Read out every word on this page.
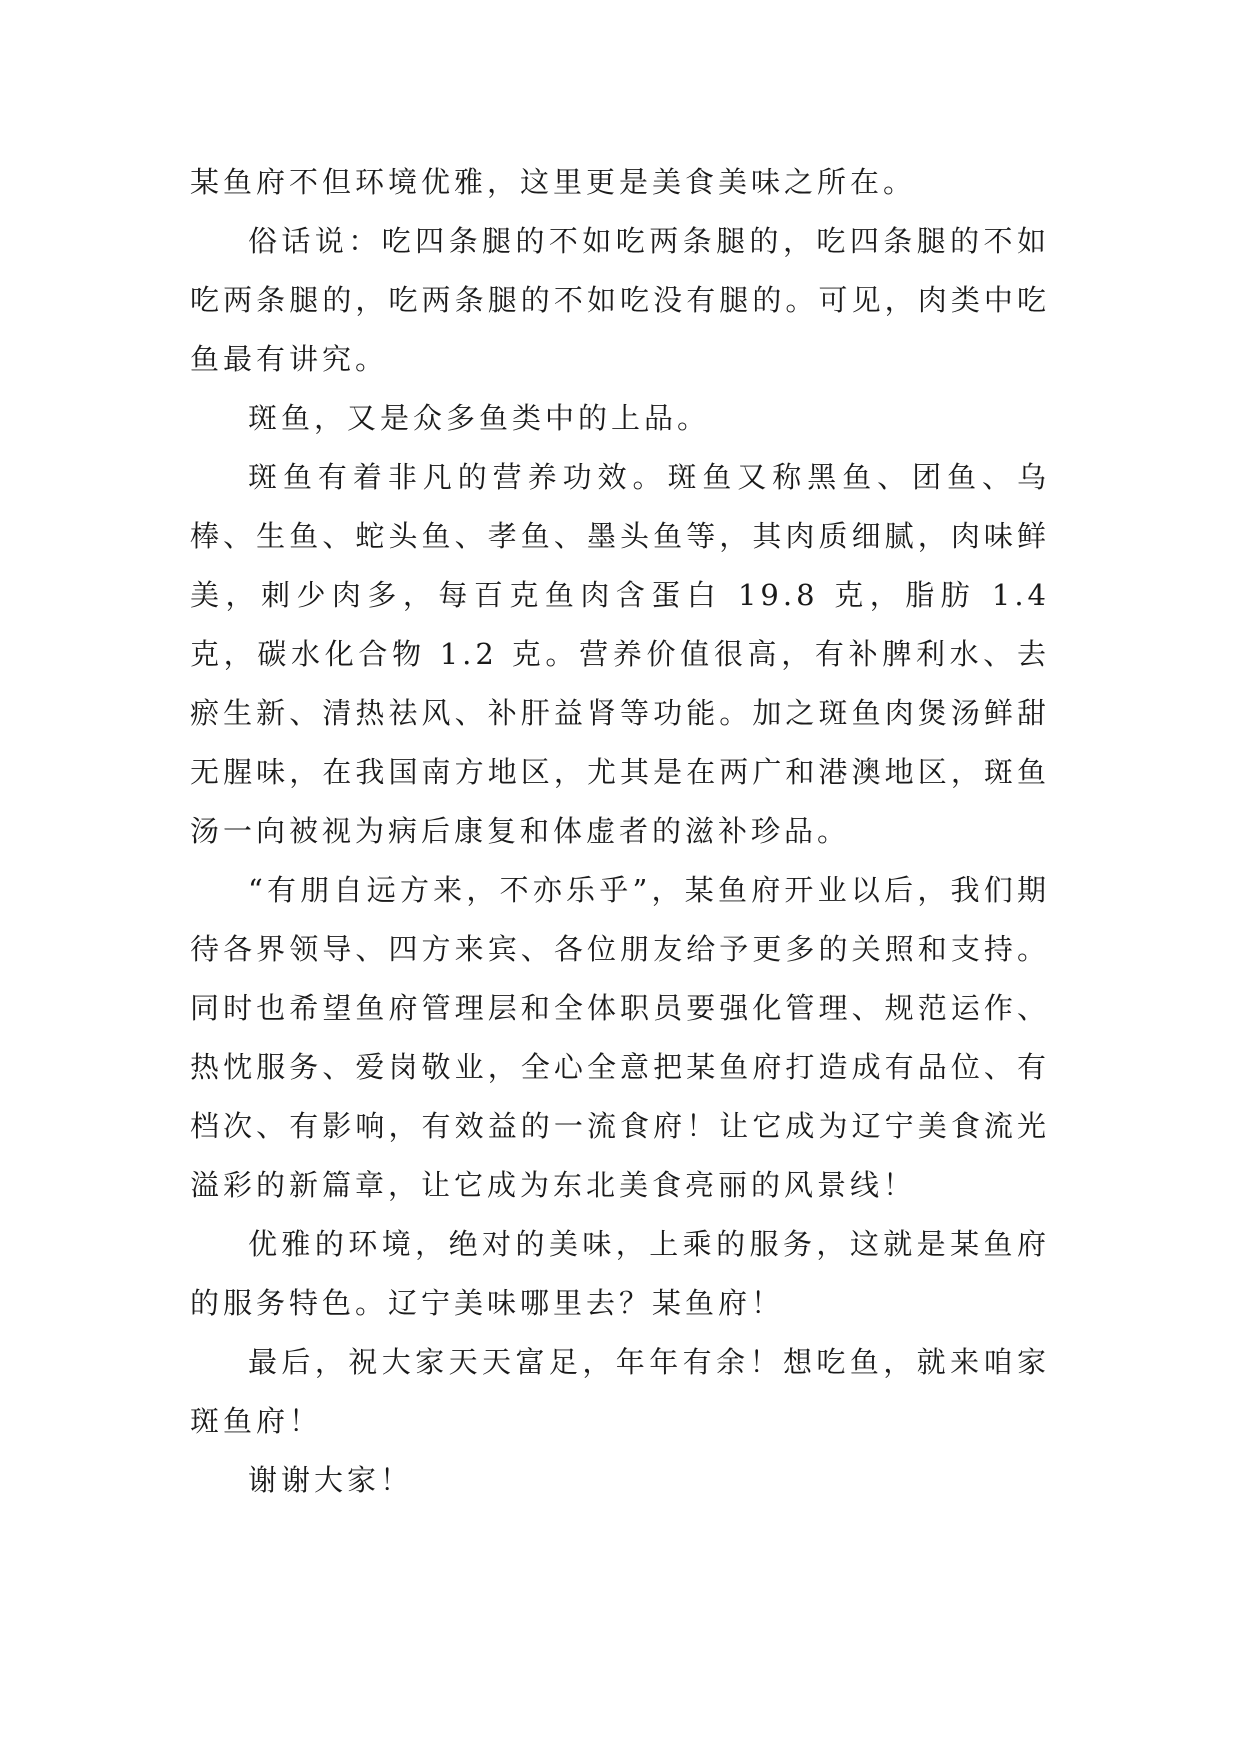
某鱼府不但环境优雅，这里更是美食美味之所在。

俗话说：吃四条腿的不如吃两条腿的，吃四条腿的不如吃两条腿的，吃两条腿的不如吃没有腿的。可见，肉类中吃鱼最有讲究。

斑鱼，又是众多鱼类中的上品。

斑鱼有着非凡的营养功效。斑鱼又称黑鱼、团鱼、乌棒、生鱼、蛇头鱼、孝鱼、墨头鱼等，其肉质细腻，肉味鲜美，刺少肉多，每百克鱼肉含蛋白 19.8 克，脂肪 1.4 克，碳水化合物 1.2 克。营养价值很高，有补脾利水、去瘀生新、清热祛风、补肝益肾等功能。加之斑鱼肉煲汤鲜甜无腥味，在我国南方地区，尤其是在两广和港澳地区，斑鱼汤一向被视为病后康复和体虚者的滋补珍品。

“有朋自远方来，不亦乐乎”，某鱼府开业以后，我们期待各界领导、四方来宾、各位朋友给予更多的关照和支持。同时也希望鱼府管理层和全体职员要强化管理、规范运作、热忱服务、爱岗敬业，全心全意把某鱼府打造成有品位、有档次、有影响，有效益的一流食府！让它成为辽宁美食流光溢彩的新篇章，让它成为东北美食亮丽的风景线！

优雅的环境，绝对的美味，上乘的服务，这就是某鱼府的服务特色。辽宁美味哪里去？某鱼府！

最后，祝大家天天富足，年年有余！想吃鱼，就来咱家斑鱼府！

谢谢大家！
